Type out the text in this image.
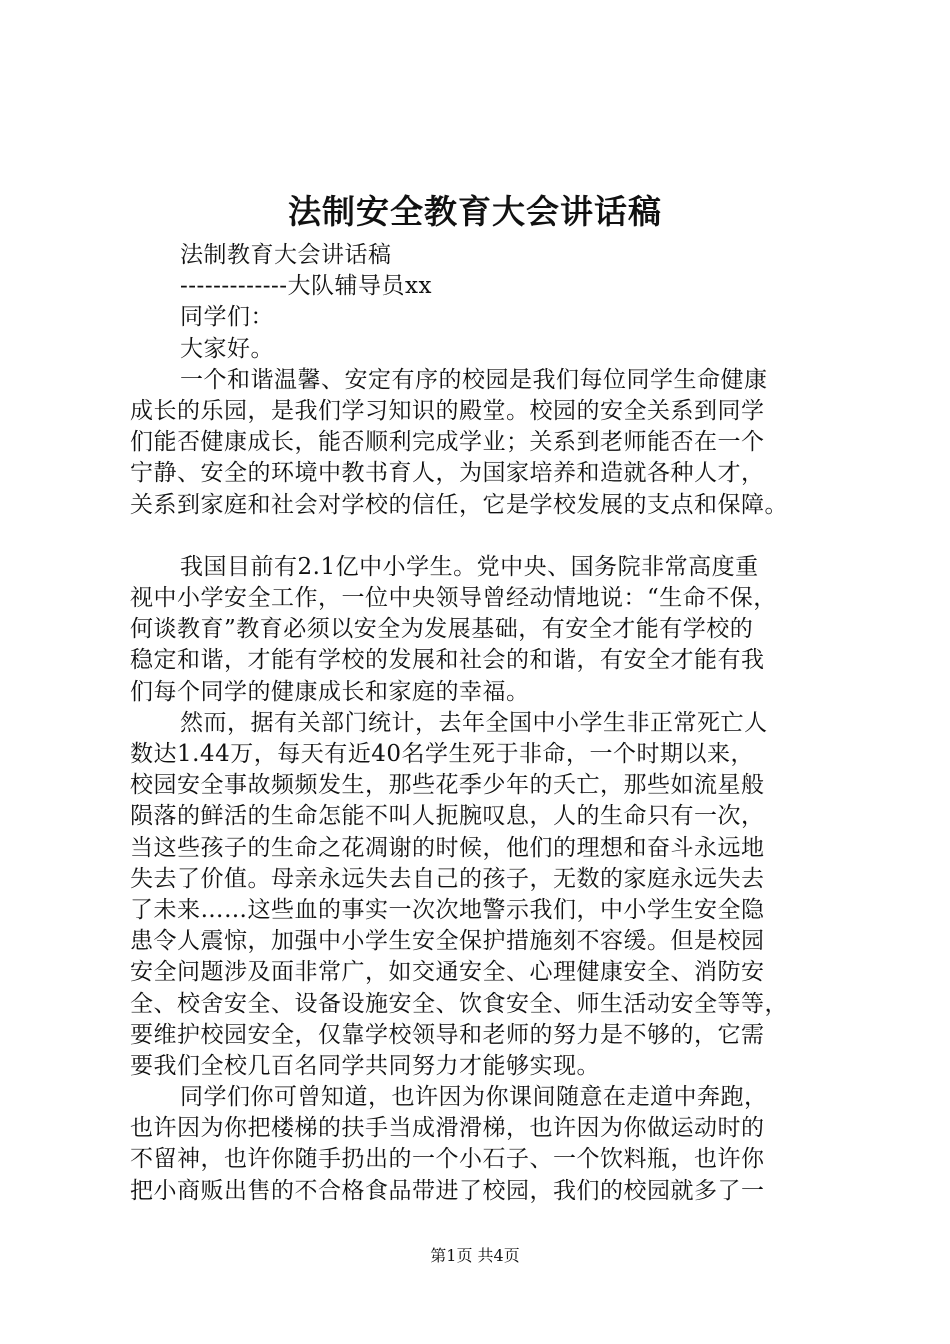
法制安全教育大会讲话稿
法制教育大会讲话稿
-------------大队辅导员xx
同学们：
大家好。
一个和谐温馨、安定有序的校园是我们每位同学生命健康
成长的乐园，是我们学习知识的殿堂。校园的安全关系到同学
们能否健康成长，能否顺利完成学业；关系到老师能否在一个
宁静、安全的环境中教书育人，为国家培养和造就各种人才，
关系到家庭和社会对学校的信任，它是学校发展的支点和保障。
我国目前有2.1亿中小学生。党中央、国务院非常高度重
视中小学安全工作，一位中央领导曾经动情地说：“生命不保，
何谈教育”教育必须以安全为发展基础，有安全才能有学校的
稳定和谐，才能有学校的发展和社会的和谐，有安全才能有我
们每个同学的健康成长和家庭的幸福。
然而，据有关部门统计，去年全国中小学生非正常死亡人
数达1.44万，每天有近40名学生死于非命，一个时期以来，
校园安全事故频频发生，那些花季少年的夭亡，那些如流星般
陨落的鲜活的生命怎能不叫人扼腕叹息，人的生命只有一次，
当这些孩子的生命之花凋谢的时候，他们的理想和奋斗永远地
失去了价值。母亲永远失去自己的孩子，无数的家庭永远失去
了未来……这些血的事实一次次地警示我们，中小学生安全隐
患令人震惊，加强中小学生安全保护措施刻不容缓。但是校园
安全问题涉及面非常广，如交通安全、心理健康安全、消防安
全、校舍安全、设备设施安全、饮食安全、师生活动安全等等，
要维护校园安全，仅靠学校领导和老师的努力是不够的，它需
要我们全校几百名同学共同努力才能够实现。
同学们你可曾知道，也许因为你课间随意在走道中奔跑，
也许因为你把楼梯的扶手当成滑滑梯，也许因为你做运动时的
不留神，也许你随手扔出的一个小石子、一个饮料瓶，也许你
把小商贩出售的不合格食品带进了校园，我们的校园就多了一
第1页 共4页
